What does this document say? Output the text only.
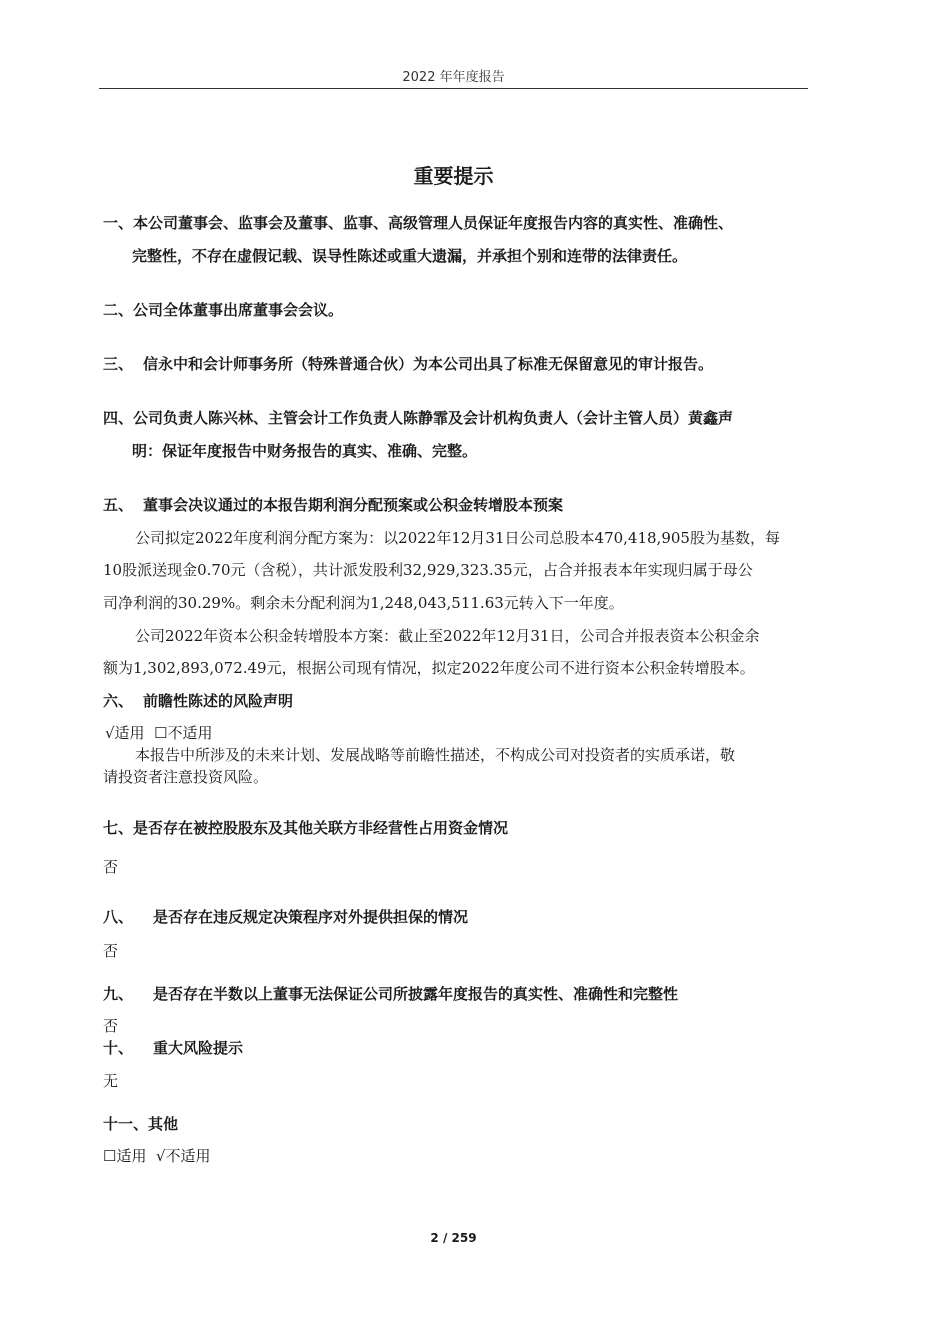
2022 年年度报告
重要提示
一、本公司董事会、监事会及董事、监事、高级管理人员保证年度报告内容的真实性、准确性、
完整性，不存在虚假记载、误导性陈述或重大遗漏，并承担个别和连带的法律责任。
二、公司全体董事出席董事会会议。
三、 信永中和会计师事务所（特殊普通合伙）为本公司出具了标准无保留意见的审计报告。
四、公司负责人陈兴林、主管会计工作负责人陈静霏及会计机构负责人（会计主管人员）黄鑫声
明：保证年度报告中财务报告的真实、准确、完整。
五、 董事会决议通过的本报告期利润分配预案或公积金转增股本预案
公司拟定2022年度利润分配方案为：以2022年12月31日公司总股本470,418,905股为基数，每
10股派送现金0.70元（含税），共计派发股利32,929,323.35元，占合并报表本年实现归属于母公
司净利润的30.29%。剩余未分配利润为1,248,043,511.63元转入下一年度。
公司2022年资本公积金转增股本方案：截止至2022年12月31日，公司合并报表资本公积金余
额为1,302,893,072.49元，根据公司现有情况，拟定2022年度公司不进行资本公积金转增股本。
六、 前瞻性陈述的风险声明
√适用 ☐不适用
本报告中所涉及的未来计划、发展战略等前瞻性描述，不构成公司对投资者的实质承诺，敬
请投资者注意投资风险。
七、是否存在被控股股东及其他关联方非经营性占用资金情况
否
八、 是否存在违反规定决策程序对外提供担保的情况
否
九、 是否存在半数以上董事无法保证公司所披露年度报告的真实性、准确性和完整性
否
十、 重大风险提示
无
十一、其他
☐适用 √不适用
2 / 259
